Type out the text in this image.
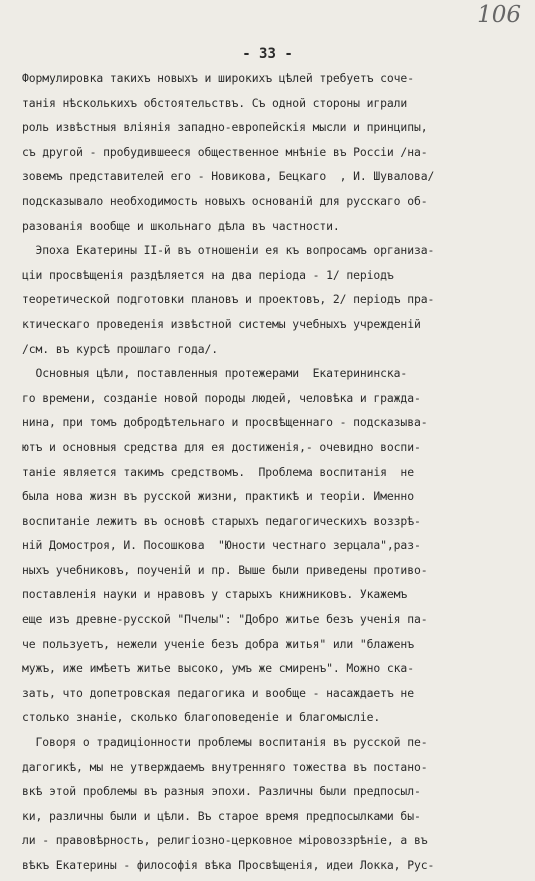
106
- 33 -

Формулировка такихъ новыхъ и широкихъ цѣлей требуетъ сочe-
танія нѣсколькихъ обстоятельствъ. Съ одной стороны играли
роль извѣстныя вліянія западно-европейскія мысли и принципы,
съ другой - пробудившееся общественное мнѣніе въ Россіи /на-
зовемъ представителей его - Новикова, Бецкаго  , И. Шувалова/
подсказывало необходимость новыхъ основаній для русскаго об-
разованія вообще и школьнаго дѣла въ частности.

Эпоха Екатерины II-й въ отношеніи ея къ вопросамъ организа-
ціи просвѣщенія раздѣляется на два періода - 1/ періодъ
теоретической подготовки плановъ и проектовъ, 2/ періодъ пра-
ктическаго проведенія извѣстной системы учебныхъ учрежденій
/см. въ курсѣ прошлаго года/.

Основныя цѣли, поставленныя протежерами  Екатерининска-
го времени, созданіе новой породы людей, человѣка и гражда-
нина, при томъ добродѣтельнаго и просвѣщеннаго - подсказыва-
ютъ и основныя средства для ея достиженія,- очевидно воспи-
таніе является такимъ средствомъ.  Проблема воспитанія  не
была нова жизн въ русской жизни, практикѣ и теоріи. Именно
воспитаніе лежитъ въ основѣ старыхъ педагогическихъ воззрѣ-
ній Домостроя, И. Посошкова  "Юности честнаго зерцала",раз-
ныхъ учебниковъ, поученій и пр. Выше были приведены противо-
поставленія науки и нравовъ у старыхъ книжниковъ. Укажемъ
еще изъ древне-русской "Пчелы": "Добро житье безъ ученія па-
че пользуетъ, нежели ученіе безъ добра житья" или "блаженъ
мужъ, иже имѣетъ житье высоко, умъ же смиренъ". Можно ска-
зать, что допетровская педагогика и вообще - насаждаетъ не
столько знаніе, сколько благоповеденіе и благомысліе.

Говоря о традиціонности проблемы воспитанія въ русской пе-
дагогикѣ, мы не утверждаемъ внутренняго тожества въ постано-
вкѣ этой проблемы въ разныя эпохи. Различны были предпосыл-
ки, различны были и цѣли. Въ старое время предпосылками бы-
ли - правовѣрность, религіозно-церковное міровоззрѣніе, а въ
вѣкъ Екатерины - философія вѣка Просвѣщенія, идеи Локка, Рус-
